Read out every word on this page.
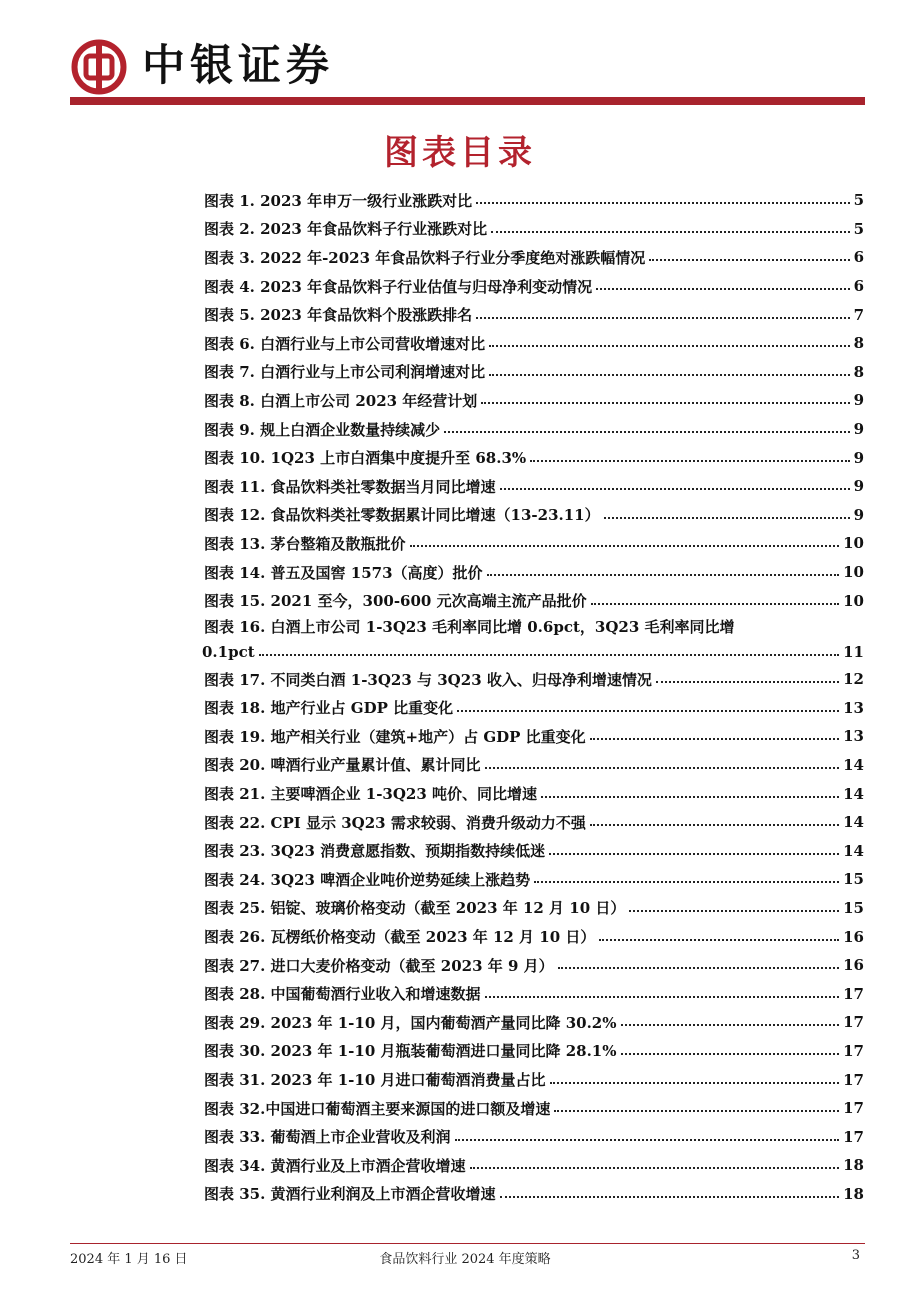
中银证券
图表目录
图表 1. 2023 年申万一级行业涨跌对比	5
图表 2. 2023 年食品饮料子行业涨跌对比	5
图表 3. 2022 年-2023 年食品饮料子行业分季度绝对涨跌幅情况	6
图表 4. 2023 年食品饮料子行业估值与归母净利变动情况	6
图表 5. 2023 年食品饮料个股涨跌排名	7
图表 6. 白酒行业与上市公司营收增速对比	8
图表 7. 白酒行业与上市公司利润增速对比	8
图表 8. 白酒上市公司 2023 年经营计划	9
图表 9. 规上白酒企业数量持续减少	9
图表 10. 1Q23 上市白酒集中度提升至 68.3%	9
图表 11. 食品饮料类社零数据当月同比增速	9
图表 12. 食品饮料类社零数据累计同比增速（13-23.11）	9
图表 13. 茅台整箱及散瓶批价	10
图表 14. 普五及国窖 1573（高度）批价	10
图表 15. 2021 至今，300-600 元次高端主流产品批价	10
图表 16. 白酒上市公司 1-3Q23 毛利率同比增 0.6pct，3Q23 毛利率同比增
0.1pct	11
图表 17. 不同类白酒 1-3Q23 与 3Q23 收入、归母净利增速情况	12
图表 18. 地产行业占 GDP 比重变化	13
图表 19. 地产相关行业（建筑+地产）占 GDP 比重变化	13
图表 20. 啤酒行业产量累计值、累计同比	14
图表 21. 主要啤酒企业 1-3Q23 吨价、同比增速	14
图表 22. CPI 显示 3Q23 需求较弱、消费升级动力不强	14
图表 23. 3Q23 消费意愿指数、预期指数持续低迷	14
图表 24. 3Q23 啤酒企业吨价逆势延续上涨趋势	15
图表 25. 铝锭、玻璃价格变动（截至 2023 年 12 月 10 日）	15
图表 26. 瓦楞纸价格变动（截至 2023 年 12 月 10 日）	16
图表 27. 进口大麦价格变动（截至 2023 年 9 月）	16
图表 28. 中国葡萄酒行业收入和增速数据	17
图表 29. 2023 年 1-10 月，国内葡萄酒产量同比降 30.2%	17
图表 30. 2023 年 1-10 月瓶装葡萄酒进口量同比降 28.1%	17
图表 31. 2023 年 1-10 月进口葡萄酒消费量占比	17
图表 32.中国进口葡萄酒主要来源国的进口额及增速	17
图表 33. 葡萄酒上市企业营收及利润	17
图表 34. 黄酒行业及上市酒企营收增速	18
图表 35. 黄酒行业利润及上市酒企营收增速	18
2024 年 1 月 16 日	食品饮料行业 2024 年度策略	3
